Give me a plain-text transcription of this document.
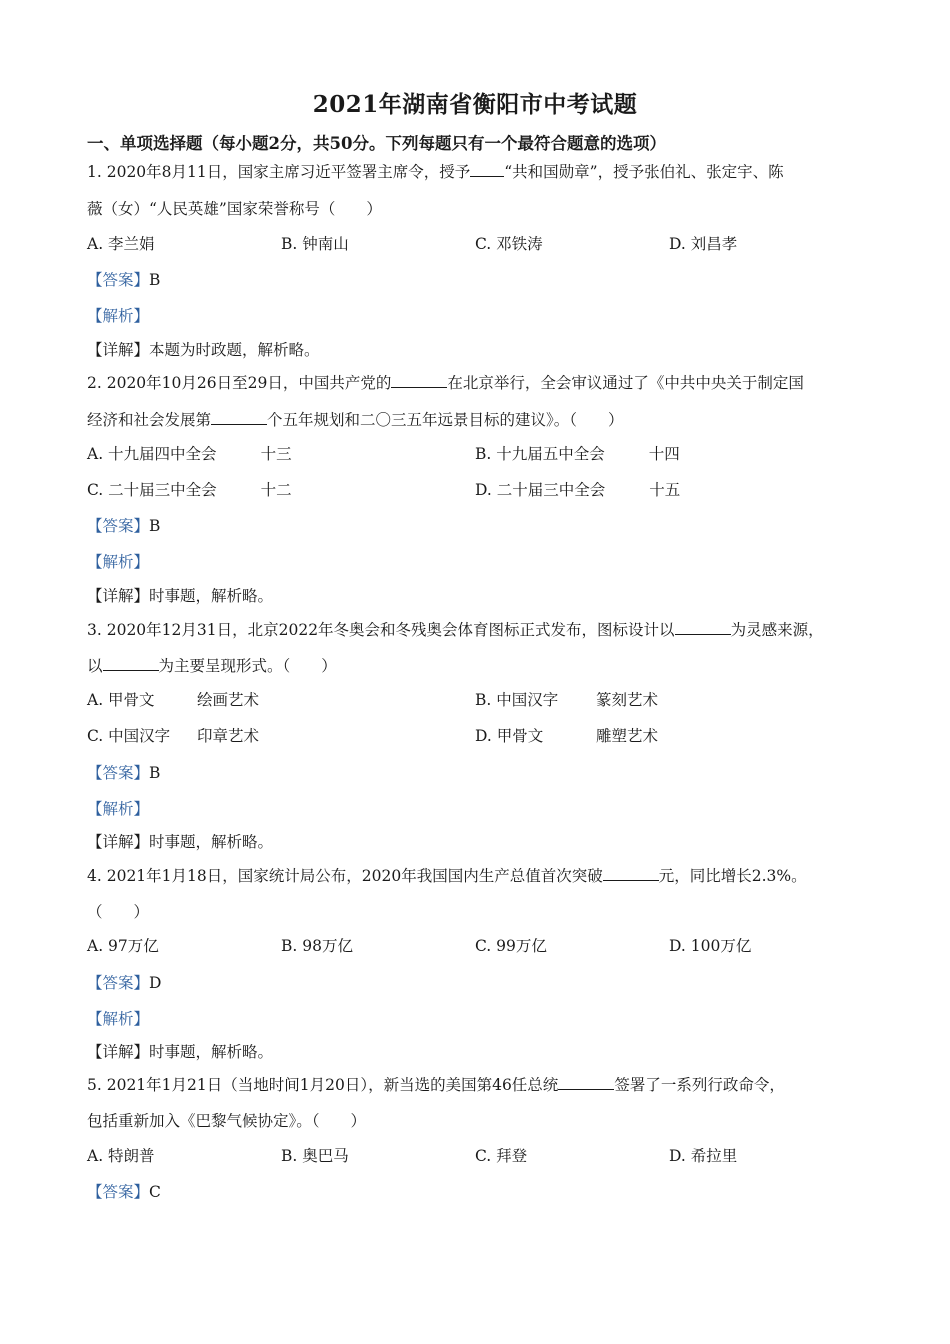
2021年湖南省衡阳市中考试题
一、单项选择题（每小题2分，共50分。下列每题只有一个最符合题意的选项）
1. 2020年8月11日，国家主席习近平签署主席令，授予 “共和国勋章”，授予张伯礼、张定宇、陈
薇（女）“人民英雄”国家荣誉称号（　　）
A. 李兰娟	B. 钟南山	C. 邓铁涛	D. 刘昌孝
【答案】B
【解析】
【详解】本题为时政题，解析略。
2. 2020年10月26日至29日，中国共产党的	在北京举行，全会审议通过了《中共中央关于制定国
经济和社会发展第	个五年规划和二〇三五年远景目标的建议》。（　　）
A. 十九届四中全会	十三	B. 十九届五中全会	十四
C. 二十届三中全会	十二	D. 二十届三中全会	十五
【答案】B
【解析】
【详解】时事题，解析略。
3. 2020年12月31日，北京2022年冬奥会和冬残奥会体育图标正式发布，图标设计以	为灵感来源，
以	为主要呈现形式。（　　）
A. 甲骨文	绘画艺术	B. 中国汉字 篆刻艺术
C. 中国汉字 印章艺术	D. 甲骨文	雕塑艺术
【答案】B
【解析】
【详解】时事题，解析略。
4. 2021年1月18日，国家统计局公布，2020年我国国内生产总值首次突破	元，同比增长2.3%。
（　　）
A. 97万亿	B. 98万亿	C. 99万亿	D. 100万亿
【答案】D
【解析】
【详解】时事题，解析略。
5. 2021年1月21日（当地时间1月20日），新当选的美国第46任总统	签署了一系列行政命令，
包括重新加入《巴黎气候协定》。（　　）
A. 特朗普	B. 奥巴马	C. 拜登	D. 希拉里
【答案】C
